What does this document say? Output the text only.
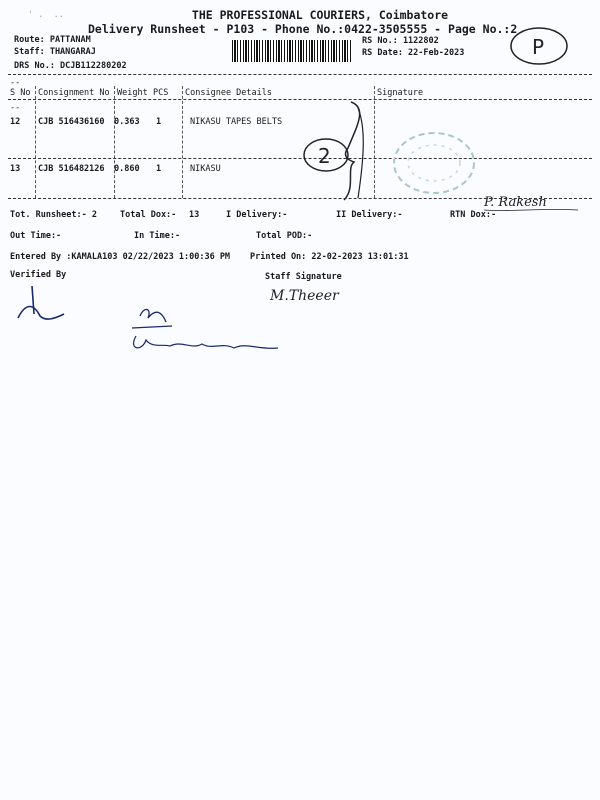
' .  ..	THE PROFESSIONAL COURIERS, Coimbatore
Delivery Runsheet - P103 - Phone No.:0422-3505555 - Page No.:2
Route: PATTANAM
Staff: THANGARAJ
DRS No.: DCJB112280202
RS No.: 1122802
RS Date: 22-Feb-2023	P
--
S No Consignment No Weight PCS Consignee Details	Signature
--
12 CJB 516436160 0.363 1	NIKASU TAPES BELTS
13 CJB 516482126 0.860 1	NIKASU
2
P. Rakesh
Tot. Runsheet:- 2	Total Dox:- 13	I Delivery:-	II Delivery:-	RTN Dox:-
Out Time:-	In Time:-	Total POD:-
Entered By :KAMALA103 02/22/2023 1:00:36 PM Printed On: 22-02-2023 13:01:31
Verified By	Staff Signature
M.Theeer
